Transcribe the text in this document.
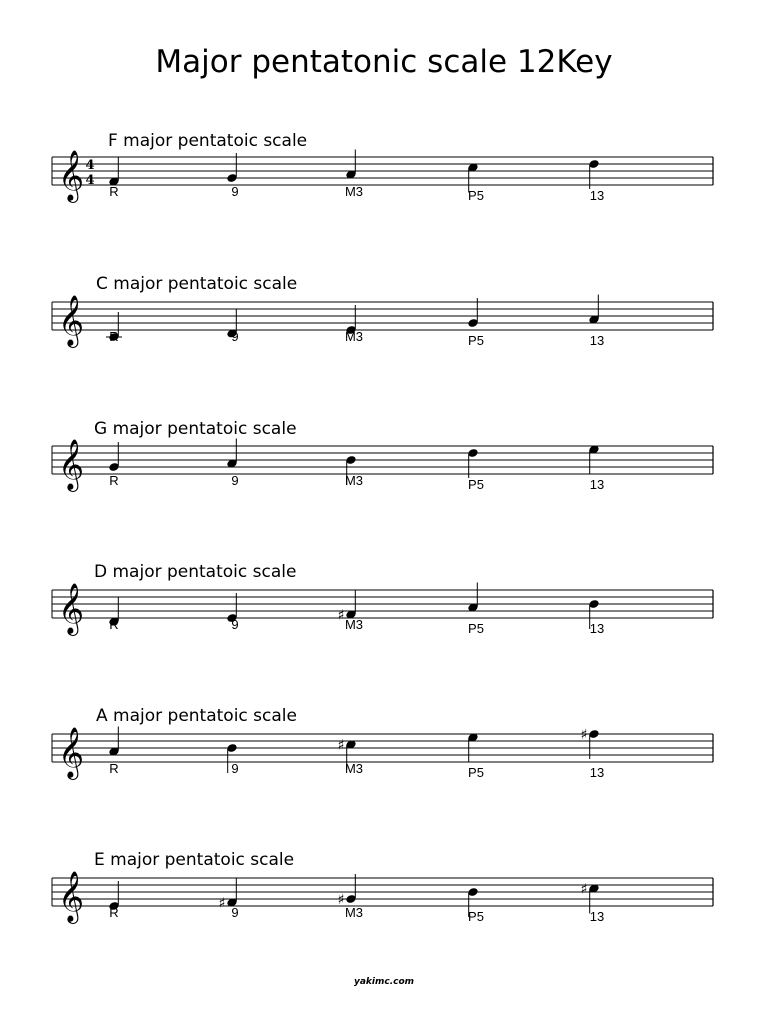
Major pentatonic scale 12Key
F major pentatoic scale
𝄞 4
4
R	9	M3	P5	13
C major pentatoic scale
𝄞 R	9	M3	P5	13
G major pentatoic scale
𝄞 R	9	M3	P5	13
D major pentatoic scale
𝄞 R	9
♯
M3	P5	13
A major pentatoic scale
𝄞 R	9
♯
M3	P5
♯
13
E major pentatoic scale
𝄞 R
♯
9
♯
M3	P5
♯
13
yakimc.com
